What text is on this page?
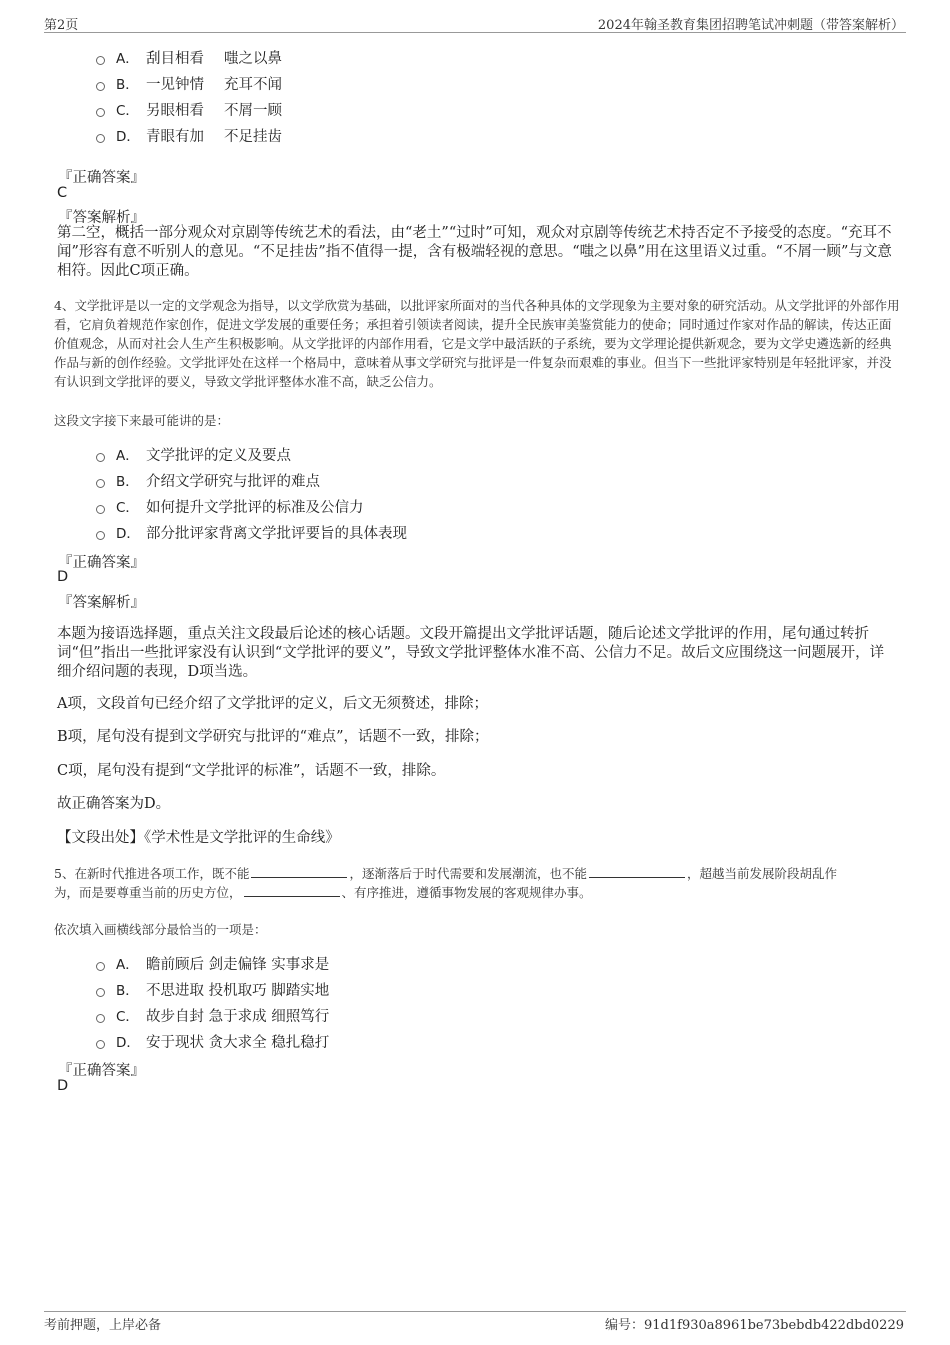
第2页	2024年翰圣教育集团招聘笔试冲刺题（带答案解析）
A． 刮目相看	嗤之以鼻
B． 一见钟情	充耳不闻
C． 另眼相看	不屑一顾
D． 青眼有加	不足挂齿
『正确答案』
C
『答案解析』
第二空，概括一部分观众对京剧等传统艺术的看法，由“老土”“过时”可知，观众对京剧等传统艺术持否定不予接受的态度。“充耳不闻”形容有意不听别人的意见。“不足挂齿”指不值得一提，含有极端轻视的意思。“嗤之以鼻”用在这里语义过重。“不屑一顾”与文意相符。因此C项正确。
4、文学批评是以一定的文学观念为指导，以文学欣赏为基础，以批评家所面对的当代各种具体的文学现象为主要对象的研究活动。从文学批评的外部作用看，它肩负着规范作家创作，促进文学发展的重要任务；承担着引领读者阅读，提升全民族审美鉴赏能力的使命；同时通过作家对作品的解读，传达正面价值观念，从而对社会人生产生积极影响。从文学批评的内部作用看，它是文学中最活跃的子系统，要为文学理论提供新观念，要为文学史遴选新的经典作品与新的创作经验。文学批评处在这样一个格局中，意味着从事文学研究与批评是一件复杂而艰难的事业。但当下一些批评家特别是年轻批评家，并没有认识到文学批评的要义，导致文学批评整体水准不高，缺乏公信力。
这段文字接下来最可能讲的是：
A． 文学批评的定义及要点
B． 介绍文学研究与批评的难点
C． 如何提升文学批评的标准及公信力
D． 部分批评家背离文学批评要旨的具体表现
『正确答案』
D
『答案解析』
本题为接语选择题，重点关注文段最后论述的核心话题。文段开篇提出文学批评话题，随后论述文学批评的作用，尾句通过转折词“但”指出一些批评家没有认识到“文学批评的要义”，导致文学批评整体水准不高、公信力不足。故后文应围绕这一问题展开，详细介绍问题的表现，D项当选。
A项，文段首句已经介绍了文学批评的定义，后文无须赘述，排除；
B项，尾句没有提到文学研究与批评的“难点”，话题不一致，排除；
C项，尾句没有提到“文学批评的标准”，话题不一致，排除。
故正确答案为D。
【文段出处】《学术性是文学批评的生命线》
5、在新时代推进各项工作，既不能	，逐渐落后于时代需要和发展潮流，也不能	，超越当前发展阶段胡乱作
为，而是要尊重当前的历史方位，	、有序推进，遵循事物发展的客观规律办事。
依次填入画横线部分最恰当的一项是：
A． 瞻前顾后 剑走偏锋 实事求是
B． 不思进取 投机取巧 脚踏实地
C． 故步自封 急于求成 细照笃行
D． 安于现状 贪大求全 稳扎稳打
『正确答案』
D
考前押题，上岸必备	编号：91d1f930a8961be73bebdb422dbd0229
